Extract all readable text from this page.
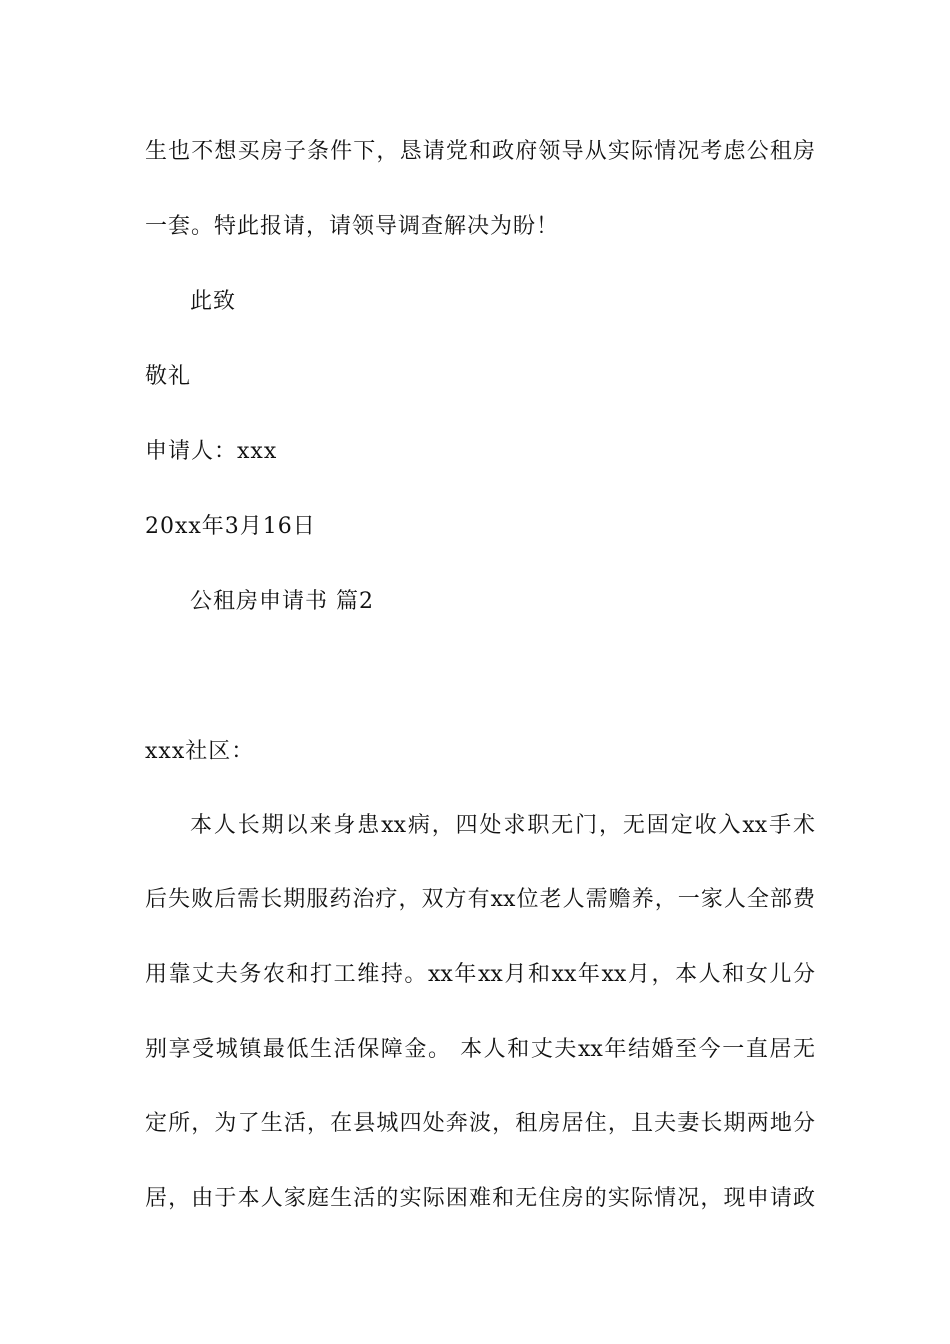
生也不想买房子条件下，恳请党和政府领导从实际情况考虑公租房
一套。特此报请，请领导调查解决为盼！
此致
敬礼
申请人：xxx
20xx年3月16日
公租房申请书 篇2
xxx社区：
本人长期以来身患xx病，四处求职无门，无固定收入xx手术
后失败后需长期服药治疗，双方有xx位老人需赡养，一家人全部费
用靠丈夫务农和打工维持。xx年xx月和xx年xx月，本人和女儿分
别享受城镇最低生活保障金。 本人和丈夫xx年结婚至今一直居无
定所，为了生活，在县城四处奔波，租房居住，且夫妻长期两地分
居，由于本人家庭生活的实际困难和无住房的实际情况，现申请政
